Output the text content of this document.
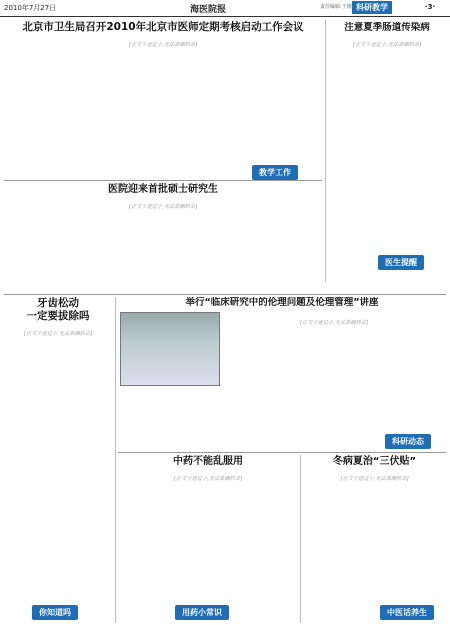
2010年7月27日	海医院报	责任编辑:王刚 科研教学	·3·
北京市卫生局召开2010年北京市医师定期考核启动工作会议
[正文字迹过小,无法准确转录]
教学工作
注意夏季肠道传染病
[正文字迹过小,无法准确转录]
医生提醒
医院迎来首批硕士研究生
[正文字迹过小,无法准确转录]
牙齿松动
一定要拔除吗
[正文字迹过小,无法准确转录]
你知道吗
举行“临床研究中的伦理问题及伦理管理”讲座
[正文字迹过小,无法准确转录]
科研动态
中药不能乱服用
[正文字迹过小,无法准确转录]
用药小常识
冬病夏治“三伏贴”
[正文字迹过小,无法准确转录]
中医话养生
